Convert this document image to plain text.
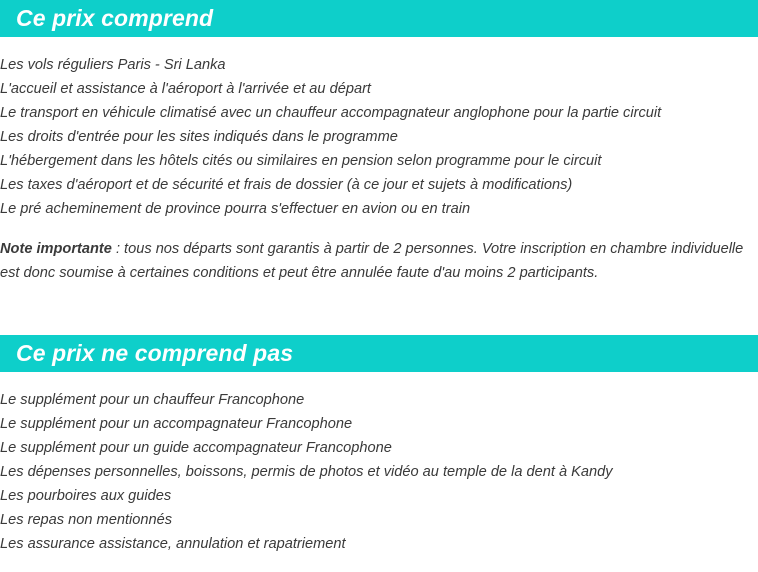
Ce prix comprend
Les vols réguliers Paris - Sri Lanka
L'accueil et assistance à l'aéroport à l'arrivée et au départ
Le transport en véhicule climatisé avec un chauffeur accompagnateur anglophone pour la partie circuit
Les droits d'entrée pour les sites indiqués dans le programme
L'hébergement dans les hôtels cités ou similaires en pension selon programme pour le circuit
Les taxes d'aéroport et de sécurité et frais de dossier (à ce jour et sujets à modifications)
Le pré acheminement de province pourra s'effectuer en avion ou en train

Note importante : tous nos départs sont garantis à partir de 2 personnes. Votre inscription en chambre individuelle est donc soumise à certaines conditions et peut être annulée faute d'au moins 2 participants.

Ce prix ne comprend pas
Le supplément pour un chauffeur Francophone
Le supplément pour un accompagnateur Francophone
Le supplément pour un guide accompagnateur Francophone
Les dépenses personnelles, boissons, permis de photos et vidéo au temple de la dent à Kandy
Les pourboires aux guides
Les repas non mentionnés
Les assurance assistance, annulation et rapatriement
